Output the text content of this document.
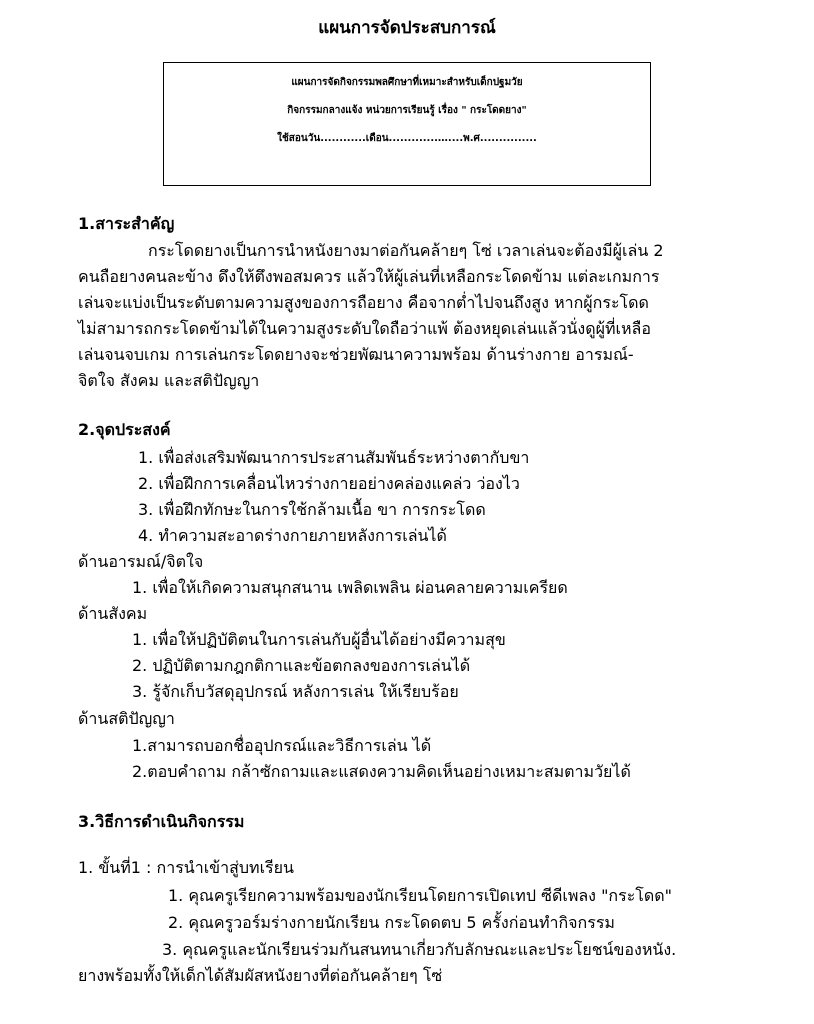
แผนการจัดประสบการณ์
แผนการจัดกิจกรรมพลศึกษาที่เหมาะสำหรับเด็กปฐมวัย
กิจกรรมกลางแจ้ง หน่วยการเรียนรู้ เรื่อง " กระโดดยาง"
ใช้สอนวัน............เดือน.............…....พ.ศ...............
1.สาระสำคัญ
กระโดดยางเป็นการนำหนังยางมาต่อกันคล้ายๆ โซ่ เวลาเล่นจะต้องมีผู้เล่น 2
คนถือยางคนละข้าง ดึงให้ตึงพอสมควร แล้วให้ผู้เล่นที่เหลือกระโดดข้าม แต่ละเกมการ
เล่นจะแบ่งเป็นระดับตามความสูงของการถือยาง คือจากต่ำไปจนถึงสูง หากผู้กระโดด
ไม่สามารถกระโดดข้ามได้ในความสูงระดับใดถือว่าแพ้ ต้องหยุดเล่นแล้วนั่งดูผู้ที่เหลือ
เล่นจนจบเกม การเล่นกระโดดยางจะช่วยพัฒนาความพร้อม ด้านร่างกาย อารมณ์-
จิตใจ สังคม และสติปัญญา
2.จุดประสงค์
1. เพื่อส่งเสริมพัฒนาการประสานสัมพันธ์ระหว่างตากับขา
2. เพื่อฝึกการเคลื่อนไหวร่างกายอย่างคล่องแคล่ว ว่องไว
3. เพื่อฝึกทักษะในการใช้กล้ามเนื้อ ขา การกระโดด
4. ทำความสะอาดร่างกายภายหลังการเล่นได้
ด้านอารมณ์/จิตใจ
1. เพื่อให้เกิดความสนุกสนาน เพลิดเพลิน ผ่อนคลายความเครียด
ด้านสังคม
1. เพื่อให้ปฏิบัติตนในการเล่นกับผู้อื่นได้อย่างมีความสุข
2. ปฏิบัติตามกฎกติกาและข้อตกลงของการเล่นได้
3. รู้จักเก็บวัสดุอุปกรณ์ หลังการเล่น ให้เรียบร้อย
ด้านสติปัญญา
1.สามารถบอกชื่ออุปกรณ์และวิธีการเล่น ได้
2.ตอบคำถาม กล้าซักถามและแสดงความคิดเห็นอย่างเหมาะสมตามวัยได้
3.วิธีการดำเนินกิจกรรม
1. ขั้นที่1 : การนำเข้าสู่บทเรียน
1. คุณครูเรียกความพร้อมของนักเรียนโดยการเปิดเทป ซีดีเพลง "กระโดด"
2. คุณครูวอร์มร่างกายนักเรียน กระโดดตบ 5 ครั้งก่อนทำกิจกรรม
3. คุณครูและนักเรียนร่วมกันสนทนาเกี่ยวกับลักษณะและประโยชน์ของหนัง.
ยางพร้อมทั้งให้เด็กได้สัมผัสหนังยางที่ต่อกันคล้ายๆ โซ่
